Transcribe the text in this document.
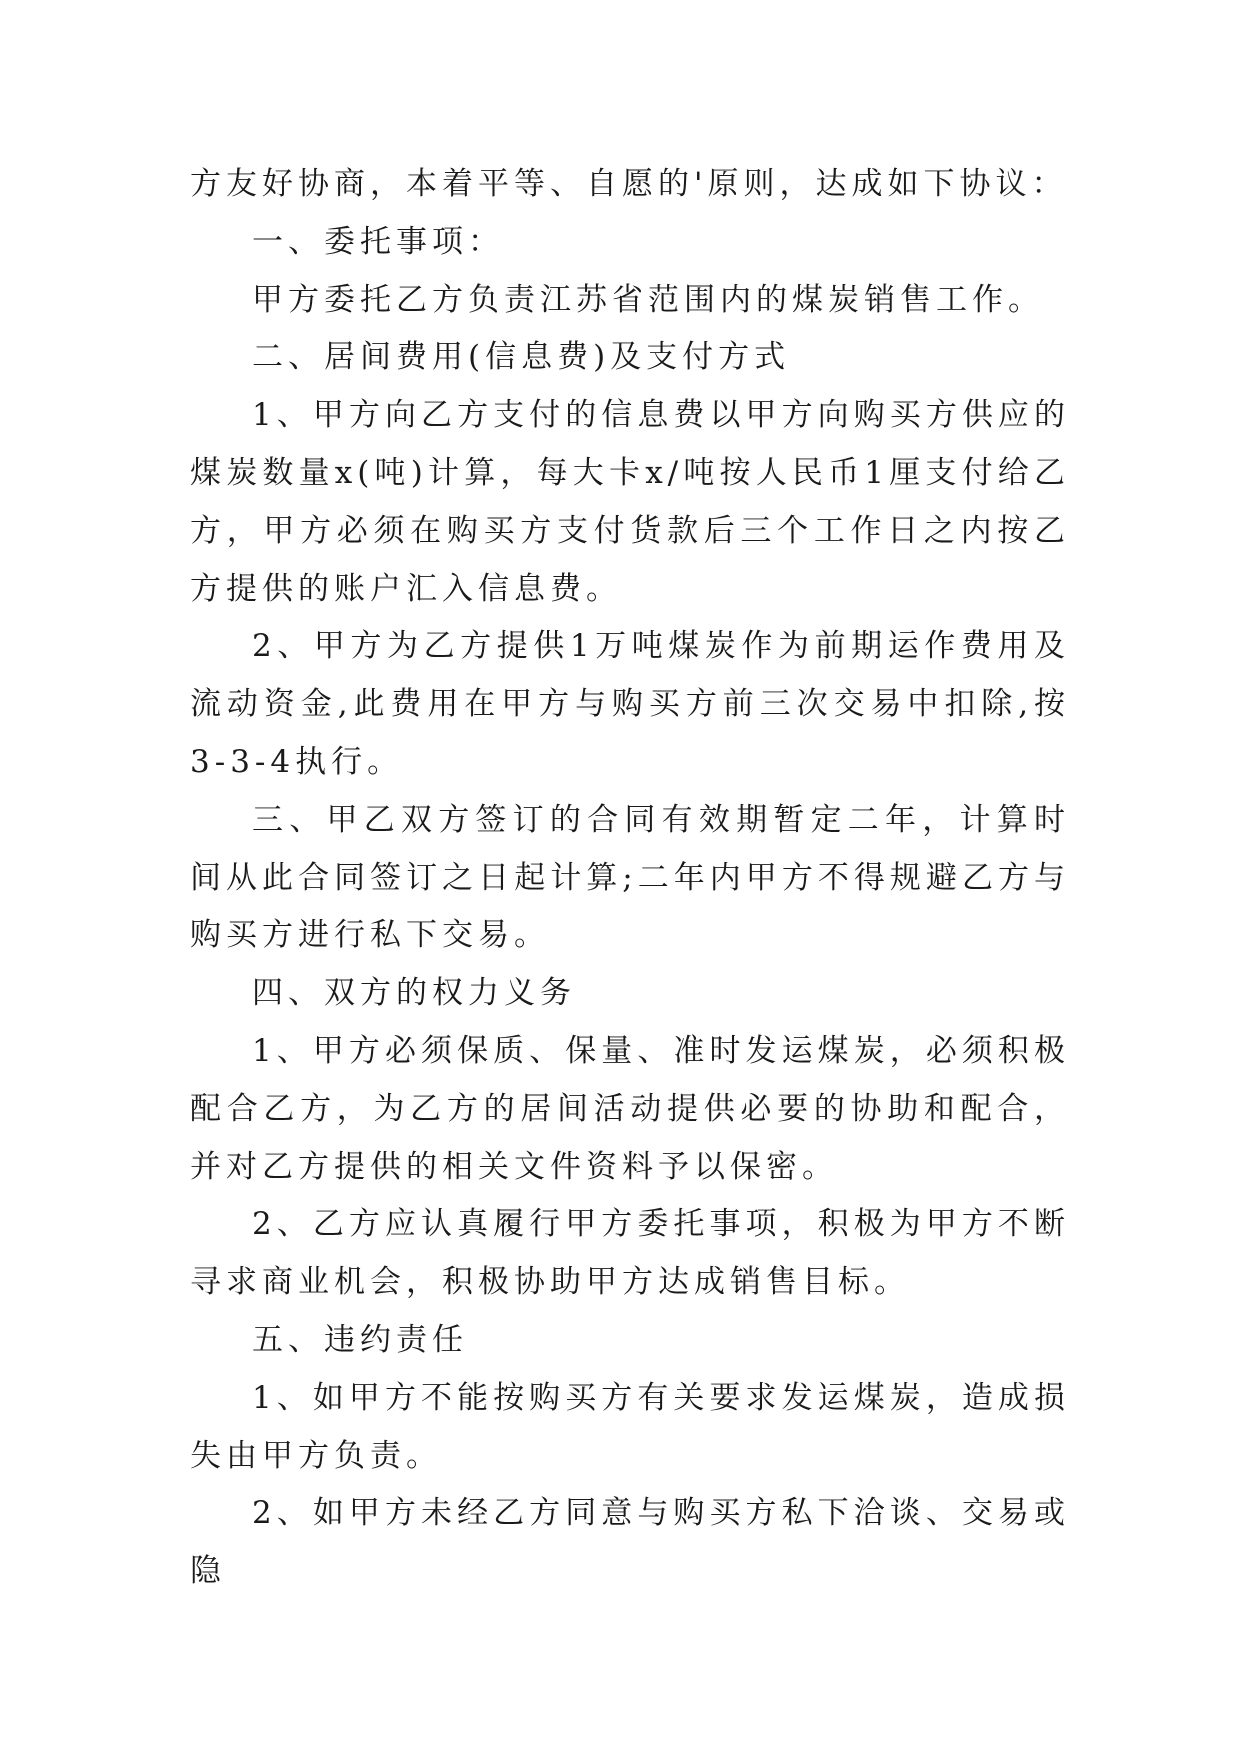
方友好协商，本着平等、自愿的'原则，达成如下协议：

一、委托事项：

甲方委托乙方负责江苏省范围内的煤炭销售工作。

二、居间费用(信息费)及支付方式

1、甲方向乙方支付的信息费以甲方向购买方供应的煤炭数量x(吨)计算，每大卡x/吨按人民币1厘支付给乙方，甲方必须在购买方支付货款后三个工作日之内按乙方提供的账户汇入信息费。

2、甲方为乙方提供1万吨煤炭作为前期运作费用及流动资金,此费用在甲方与购买方前三次交易中扣除,按3-3-4执行。

三、甲乙双方签订的合同有效期暂定二年，计算时间从此合同签订之日起计算;二年内甲方不得规避乙方与购买方进行私下交易。

四、双方的权力义务

1、甲方必须保质、保量、准时发运煤炭，必须积极配合乙方，为乙方的居间活动提供必要的协助和配合，并对乙方提供的相关文件资料予以保密。

2、乙方应认真履行甲方委托事项，积极为甲方不断寻求商业机会，积极协助甲方达成销售目标。

五、违约责任

1、如甲方不能按购买方有关要求发运煤炭，造成损失由甲方负责。

2、如甲方未经乙方同意与购买方私下洽谈、交易或隐
